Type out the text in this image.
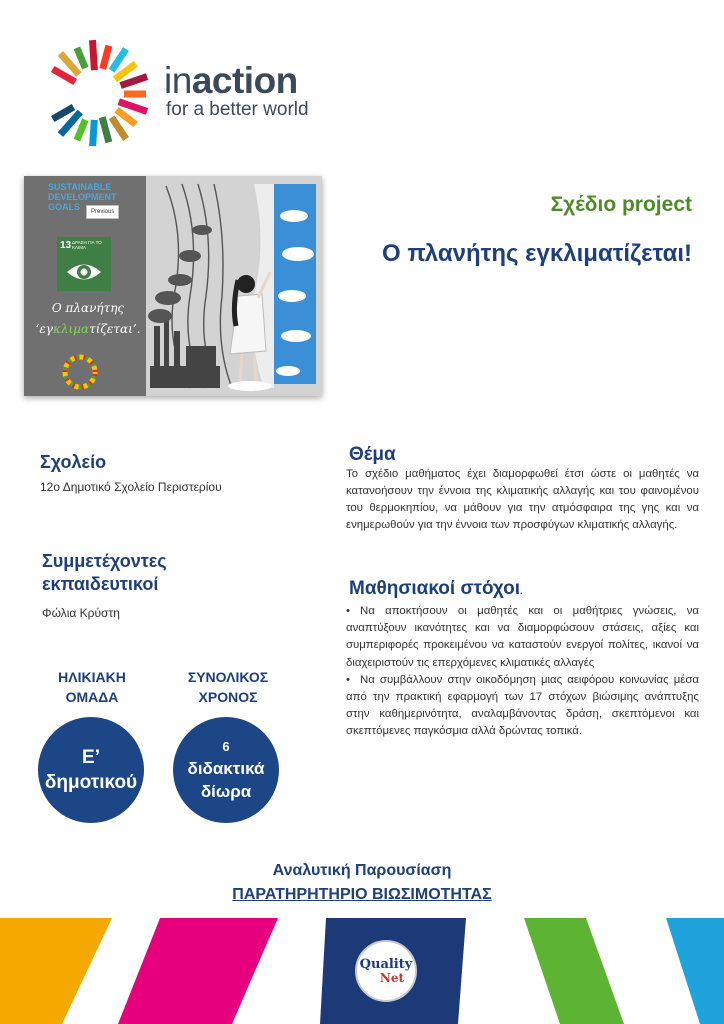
inaction
for a better world
SUSTAINABLE DEVELOPMENT GOALS	Previous
13 ΔΡΑΣΗ ΓΙΑ ΤΟ ΚΛΙΜΑ
Ο πλανήτης
‘εγκλιματίζεται’.
Σχέδιο project
Ο πλανήτης εγκλιματίζεται!
Σχολείο
12ο Δημοτικό Σχολείο Περιστερίου
Συμμετέχοντες εκπαιδευτικοί
Φώλια Κρύστη
ΗΛΙΚΙΑΚΗ
ΟΜΑΔΑ
ΣΥΝΟΛΙΚΟΣ
ΧΡΟΝΟΣ
Ε’
δημοτικού
6
διδακτικά
δίωρα
Θέμα
Το σχέδιο μαθήματος έχει διαμορφωθεί έτσι ώστε οι μαθητές να κατανοήσουν την έννοια της κλιματικής αλλαγής και του φαινομένου του θερμοκηπίου, να μάθουν για την ατμόσφαιρα της γης και να ενημερωθούν για την έννοια των προσφύγων κλιματικής αλλαγής.
Μαθησιακοί στόχοι.
• Να αποκτήσουν οι μαθητές και οι μαθήτριες γνώσεις, να αναπτύξουν ικανότητες και να διαμορφώσουν στάσεις, αξίες και συμπεριφορές προκειμένου να καταστούν ενεργοί πολίτες, ικανοί να διαχειριστούν τις επερχόμενες κλιματικές αλλαγές
• Να συμβάλλουν στην οικοδόμηση μιας αειφόρου κοινωνίας μέσα από την πρακτική εφαρμογή των 17 στόχων βιώσιμης ανάπτυξης στην καθημερινότητα, αναλαμβάνοντας δράση, σκεπτόμενοι και σκεπτόμενες παγκόσμια αλλά δρώντας τοπικά.
Αναλυτική Παρουσίαση
ΠΑΡΑΤΗΡΗΤΗΡΙΟ ΒΙΩΣΙΜΟΤΗΤΑΣ
Quality
Net
